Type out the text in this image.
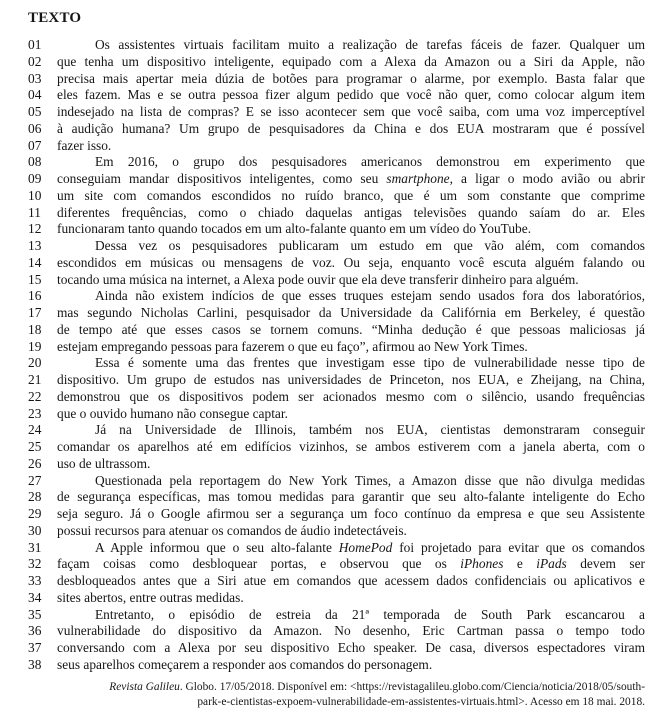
TEXTO
01	Os assistentes virtuais facilitam muito a realização de tarefas fáceis de fazer. Qualquer um
02	que tenha um dispositivo inteligente, equipado com a Alexa da Amazon ou a Siri da Apple, não
03	precisa mais apertar meia dúzia de botões para programar o alarme, por exemplo. Basta falar que
04	eles fazem. Mas e se outra pessoa fizer algum pedido que você não quer, como colocar algum item
05	indesejado na lista de compras? E se isso acontecer sem que você saiba, com uma voz imperceptível
06	à audição humana? Um grupo de pesquisadores da China e dos EUA mostraram que é possível
07	fazer isso.
08	Em 2016, o grupo dos pesquisadores americanos demonstrou em experimento que
09	conseguiam mandar dispositivos inteligentes, como seu smartphone, a ligar o modo avião ou abrir
10	um site com comandos escondidos no ruído branco, que é um som constante que comprime
11	diferentes frequências, como o chiado daquelas antigas televisões quando saíam do ar. Eles
12	funcionaram tanto quando tocados em um alto-falante quanto em um vídeo do YouTube.
13	Dessa vez os pesquisadores publicaram um estudo em que vão além, com comandos
14	escondidos em músicas ou mensagens de voz. Ou seja, enquanto você escuta alguém falando ou
15	tocando uma música na internet, a Alexa pode ouvir que ela deve transferir dinheiro para alguém.
16	Ainda não existem indícios de que esses truques estejam sendo usados fora dos laboratórios,
17	mas segundo Nicholas Carlini, pesquisador da Universidade da Califórnia em Berkeley, é questão
18	de tempo até que esses casos se tornem comuns. “Minha dedução é que pessoas maliciosas já
19	estejam empregando pessoas para fazerem o que eu faço”, afirmou ao New York Times.
20	Essa é somente uma das frentes que investigam esse tipo de vulnerabilidade nesse tipo de
21	dispositivo. Um grupo de estudos nas universidades de Princeton, nos EUA, e Zheijang, na China,
22	demonstrou que os dispositivos podem ser acionados mesmo com o silêncio, usando frequências
23	que o ouvido humano não consegue captar.
24	Já na Universidade de Illinois, também nos EUA, cientistas demonstraram conseguir
25	comandar os aparelhos até em edifícios vizinhos, se ambos estiverem com a janela aberta, com o
26	uso de ultrassom.
27	Questionada pela reportagem do New York Times, a Amazon disse que não divulga medidas
28	de segurança específicas, mas tomou medidas para garantir que seu alto-falante inteligente do Echo
29	seja seguro. Já o Google afirmou ser a segurança um foco contínuo da empresa e que seu Assistente
30	possui recursos para atenuar os comandos de áudio indetectáveis.
31	A Apple informou que o seu alto-falante HomePod foi projetado para evitar que os comandos
32	façam coisas como desbloquear portas, e observou que os iPhones e iPads devem ser
33	desbloqueados antes que a Siri atue em comandos que acessem dados confidenciais ou aplicativos e
34	sites abertos, entre outras medidas.
35	Entretanto, o episódio de estreia da 21ª temporada de South Park escancarou a
36	vulnerabilidade do dispositivo da Amazon. No desenho, Eric Cartman passa o tempo todo
37	conversando com a Alexa por seu dispositivo Echo speaker. De casa, diversos espectadores viram
38	seus aparelhos começarem a responder aos comandos do personagem.
Revista Galileu. Globo. 17/05/2018. Disponível em: <https://revistagalileu.globo.com/Ciencia/noticia/2018/05/south-
park-e-cientistas-expoem-vulnerabilidade-em-assistentes-virtuais.html>. Acesso em 18 mai. 2018.
